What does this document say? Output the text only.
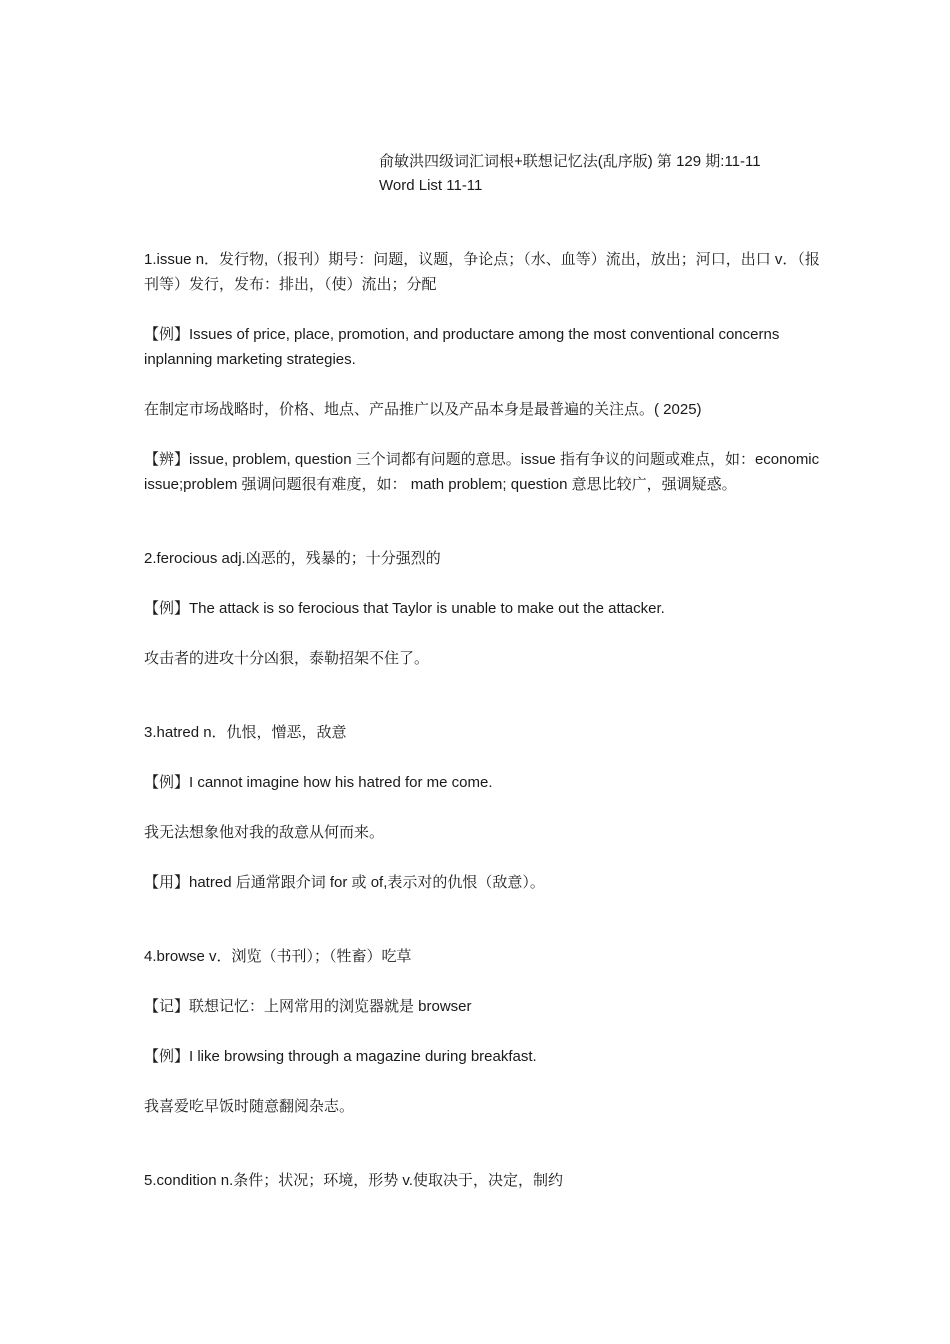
俞敏洪四级词汇词根+联想记忆法(乱序版) 第 129 期:11-11
Word List 11-11

1.issue n．发行物,（报刊）期号：问题，议题，争论点；（水、血等）流出，放出；河口，出口 v．（报刊等）发行，发布：排出，（使）流出；分配

【例】Issues of price, place, promotion, and productare among the most conventional concerns inplanning marketing strategies.

在制定市场战略时，价格、地点、产品推广以及产品本身是最普遍的关注点。( 2025)

【辨】issue, problem, question 三个词都有问题的意思。issue 指有争议的问题或难点，如：economic issue;problem 强调问题很有难度，如： math problem; question 意思比较广，强调疑惑。

2.ferocious adj.凶恶的，残暴的；十分强烈的

【例】The attack is so ferocious that Taylor is unable to make out the attacker.

攻击者的进攻十分凶狠，泰勒招架不住了。

3.hatred n．仇恨，憎恶，敌意

【例】I cannot imagine how his hatred for me come.

我无法想象他对我的敌意从何而来。

【用】hatred 后通常跟介词 for 或 of,表示对的仇恨（敌意）。

4.browse v．浏览（书刊）；（牲畜）吃草

【记】联想记忆：上网常用的浏览器就是 browser

【例】I like browsing through a magazine during breakfast.

我喜爱吃早饭时随意翻阅杂志。

5.condition n.条件；状况；环境，形势 v.使取决于，决定，制约
